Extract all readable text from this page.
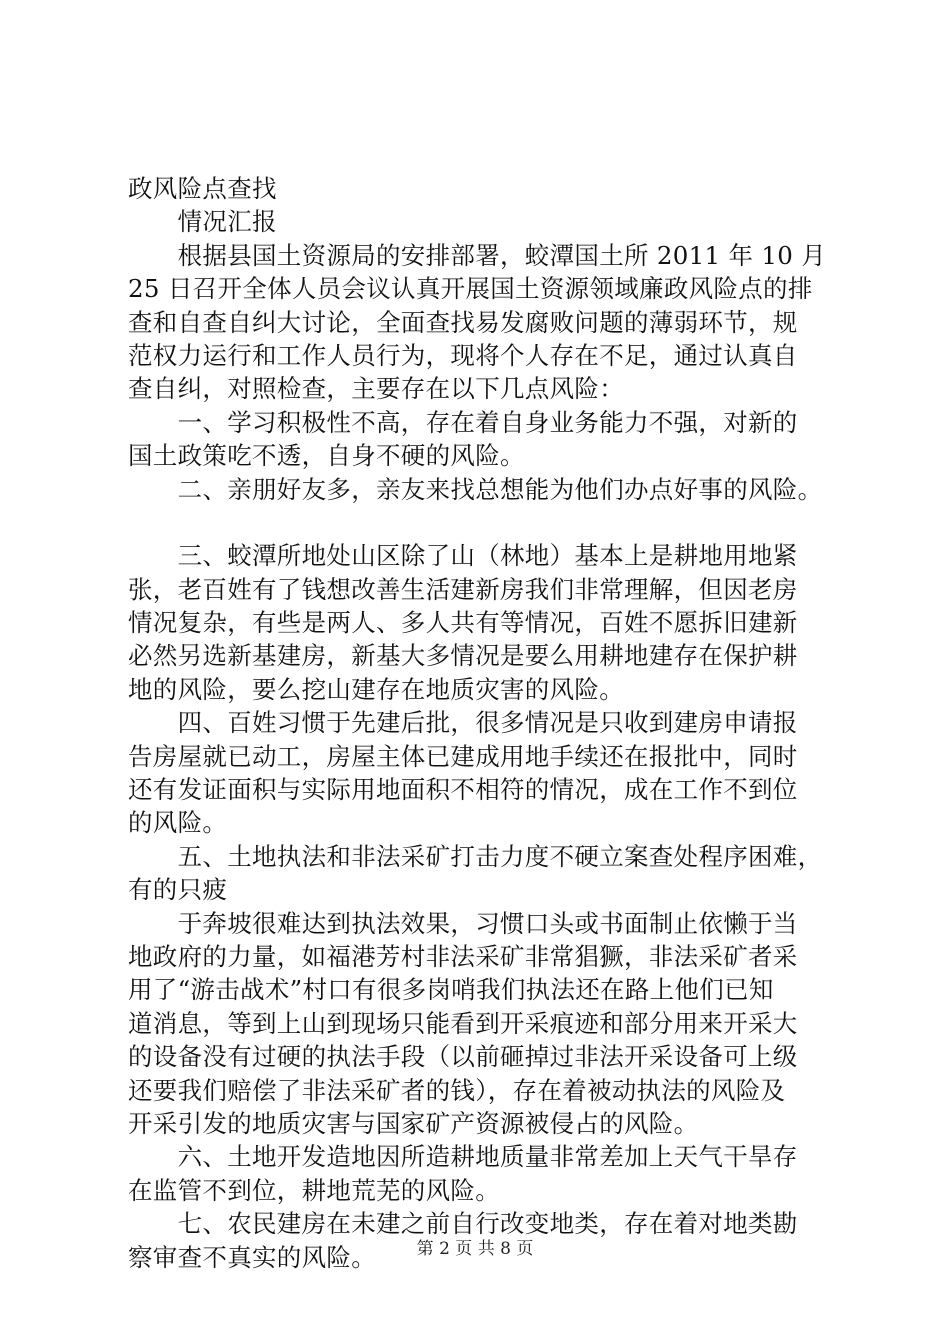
政风险点查找
　　情况汇报
　　根据县国土资源局的安排部署，蛟潭国土所 2011 年 10 月
25 日召开全体人员会议认真开展国土资源领域廉政风险点的排
查和自查自纠大讨论，全面查找易发腐败问题的薄弱环节，规
范权力运行和工作人员行为，现将个人存在不足，通过认真自
查自纠，对照检查，主要存在以下几点风险：
　　一、学习积极性不高，存在着自身业务能力不强，对新的
国土政策吃不透，自身不硬的风险。
　　二、亲朋好友多，亲友来找总想能为他们办点好事的风险。
　　三、蛟潭所地处山区除了山（林地）基本上是耕地用地紧
张，老百姓有了钱想改善生活建新房我们非常理解，但因老房
情况复杂，有些是两人、多人共有等情况，百姓不愿拆旧建新
必然另选新基建房，新基大多情况是要么用耕地建存在保护耕
地的风险，要么挖山建存在地质灾害的风险。
　　四、百姓习惯于先建后批，很多情况是只收到建房申请报
告房屋就已动工，房屋主体已建成用地手续还在报批中，同时
还有发证面积与实际用地面积不相符的情况，成在工作不到位
的风险。
　　五、土地执法和非法采矿打击力度不硬立案查处程序困难，
有的只疲
　　于奔坡很难达到执法效果，习惯口头或书面制止依懒于当
地政府的力量，如福港芳村非法采矿非常猖獗，非法采矿者采
用了“游击战术”村口有很多岗哨我们执法还在路上他们已知
道消息，等到上山到现场只能看到开采痕迹和部分用来开采大
的设备没有过硬的执法手段（以前砸掉过非法开采设备可上级
还要我们赔偿了非法采矿者的钱），存在着被动执法的风险及
开采引发的地质灾害与国家矿产资源被侵占的风险。
　　六、土地开发造地因所造耕地质量非常差加上天气干旱存
在监管不到位，耕地荒芜的风险。
　　七、农民建房在未建之前自行改变地类，存在着对地类勘
察审查不真实的风险。	第 2 页 共 8 页
